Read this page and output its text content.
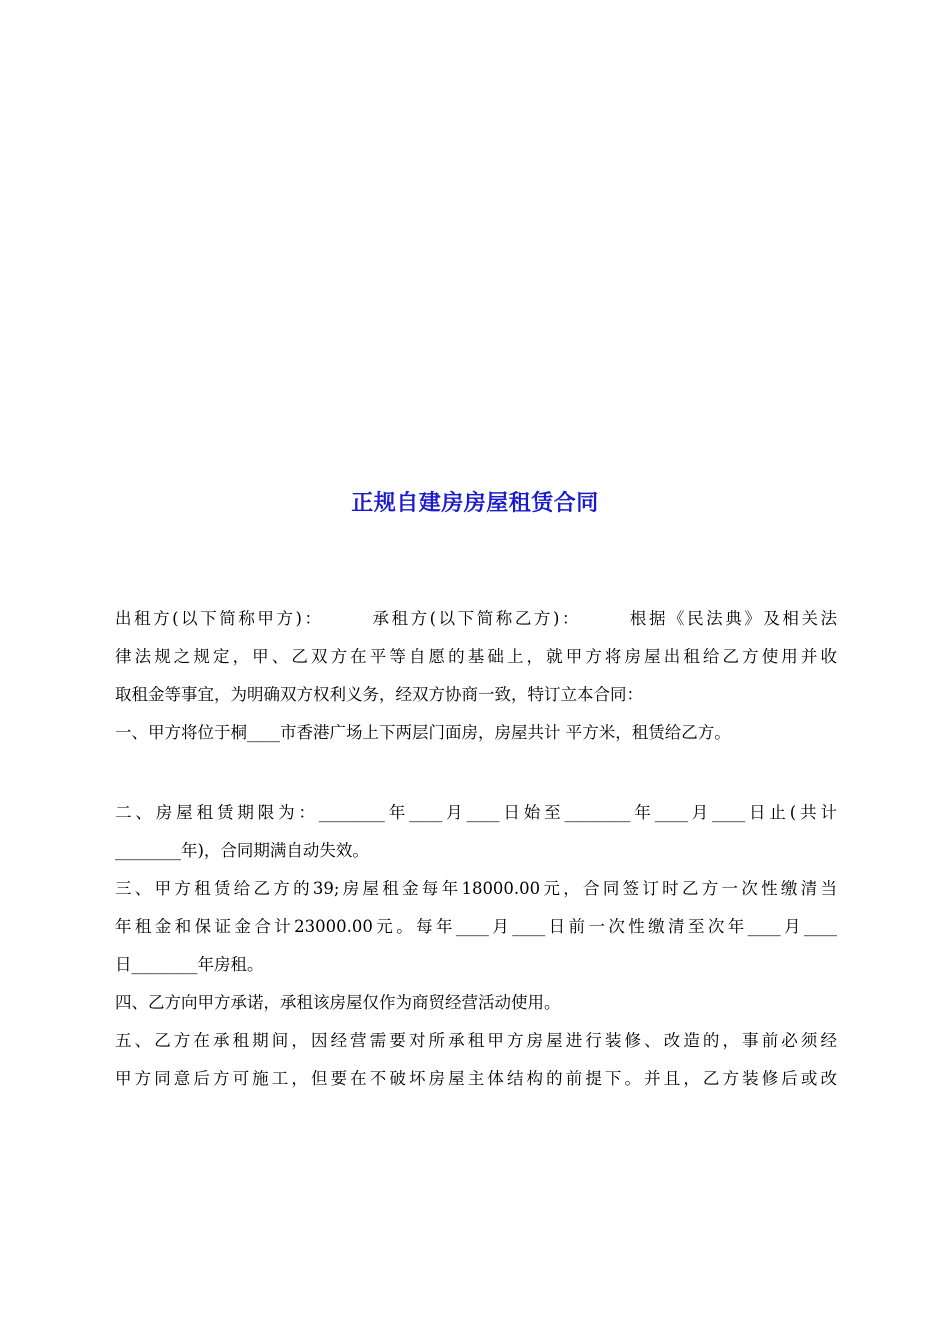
正规自建房房屋租赁合同
出租方(以下简称甲方)：　　　承租方(以下简称乙方)：　　　根据《民法典》及相关法
律法规之规定，甲、乙双方在平等自愿的基础上，就甲方将房屋出租给乙方使用并收
取租金等事宜，为明确双方权利义务，经双方协商一致，特订立本合同：
一、甲方将位于桐____市香港广场上下两层门面房，房屋共计 平方米，租赁给乙方。
二、房屋租赁期限为：________年____月____日始至________年____月____日止(共计
________年)，合同期满自动失效。
三、甲方租赁给乙方的39;房屋租金每年18000.00元，合同签订时乙方一次性缴清当
年租金和保证金合计23000.00元。每年____月____日前一次性缴清至次年____月____
日________年房租。
四、乙方向甲方承诺，承租该房屋仅作为商贸经营活动使用。
五、乙方在承租期间，因经营需要对所承租甲方房屋进行装修、改造的，事前必须经
甲方同意后方可施工，但要在不破坏房屋主体结构的前提下。并且，乙方装修后或改
